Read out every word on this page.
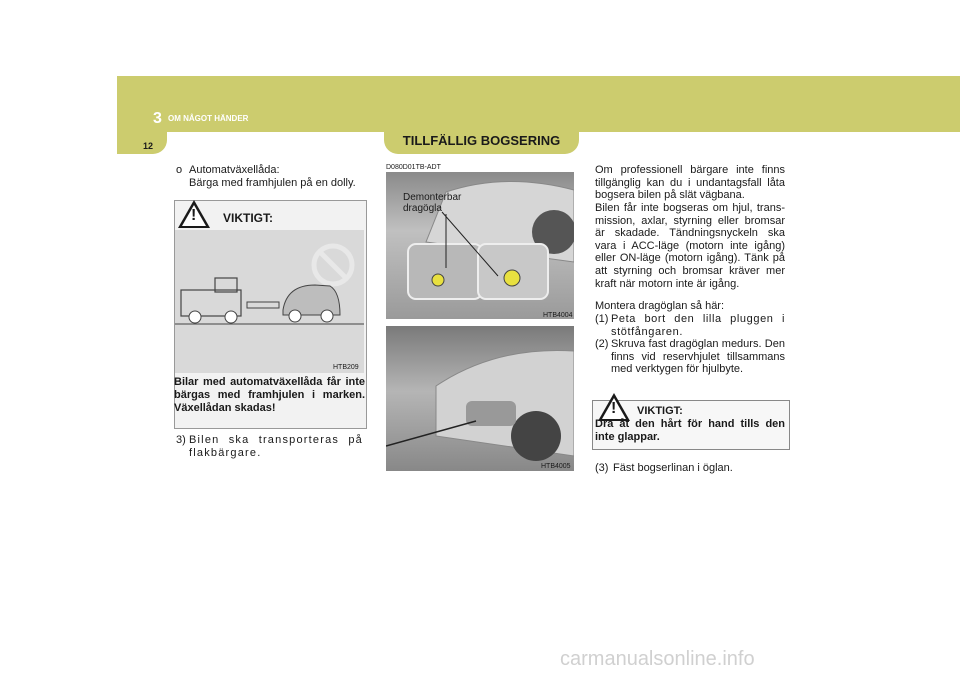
3 OM NÅGOT HÄNDER
12	TILLFÄLLIG BOGSERING
o Automatväxellåda:
Bärga med framhjulen på en dolly.
! VIKTIGT:
HTB209
Bilar med automatväxellåda får inte bärgas med framhjulen i marken. Växellådan skadas!
3) Bilen ska transporteras på flakbärgare.
D080D01TB-ADT
Demonterbar
dragögla
HTB4004
HTB4005
Om professionell bärgare inte finns tillgänglig kan du i undantagsfall låta bogsera bilen på slät vägbana.
Bilen får inte bogseras om hjul, trans-mission, axlar, styrning eller bromsar är skadade. Tändningsnyckeln ska vara i ACC-läge (motorn inte igång) eller ON-läge (motorn igång). Tänk på att styrning och bromsar kräver mer kraft när motorn inte är igång.
Montera dragöglan så här:
(1) Peta bort den lilla pluggen i stötfångaren.
(2) Skruva fast dragöglan medurs. Den finns vid reservhjulet tillsammans med verktygen för hjulbyte.
! VIKTIGT:
Dra åt den hårt för hand tills den inte glappar.
(3) Fäst bogserlinan i öglan.
carmanualsonline.info
